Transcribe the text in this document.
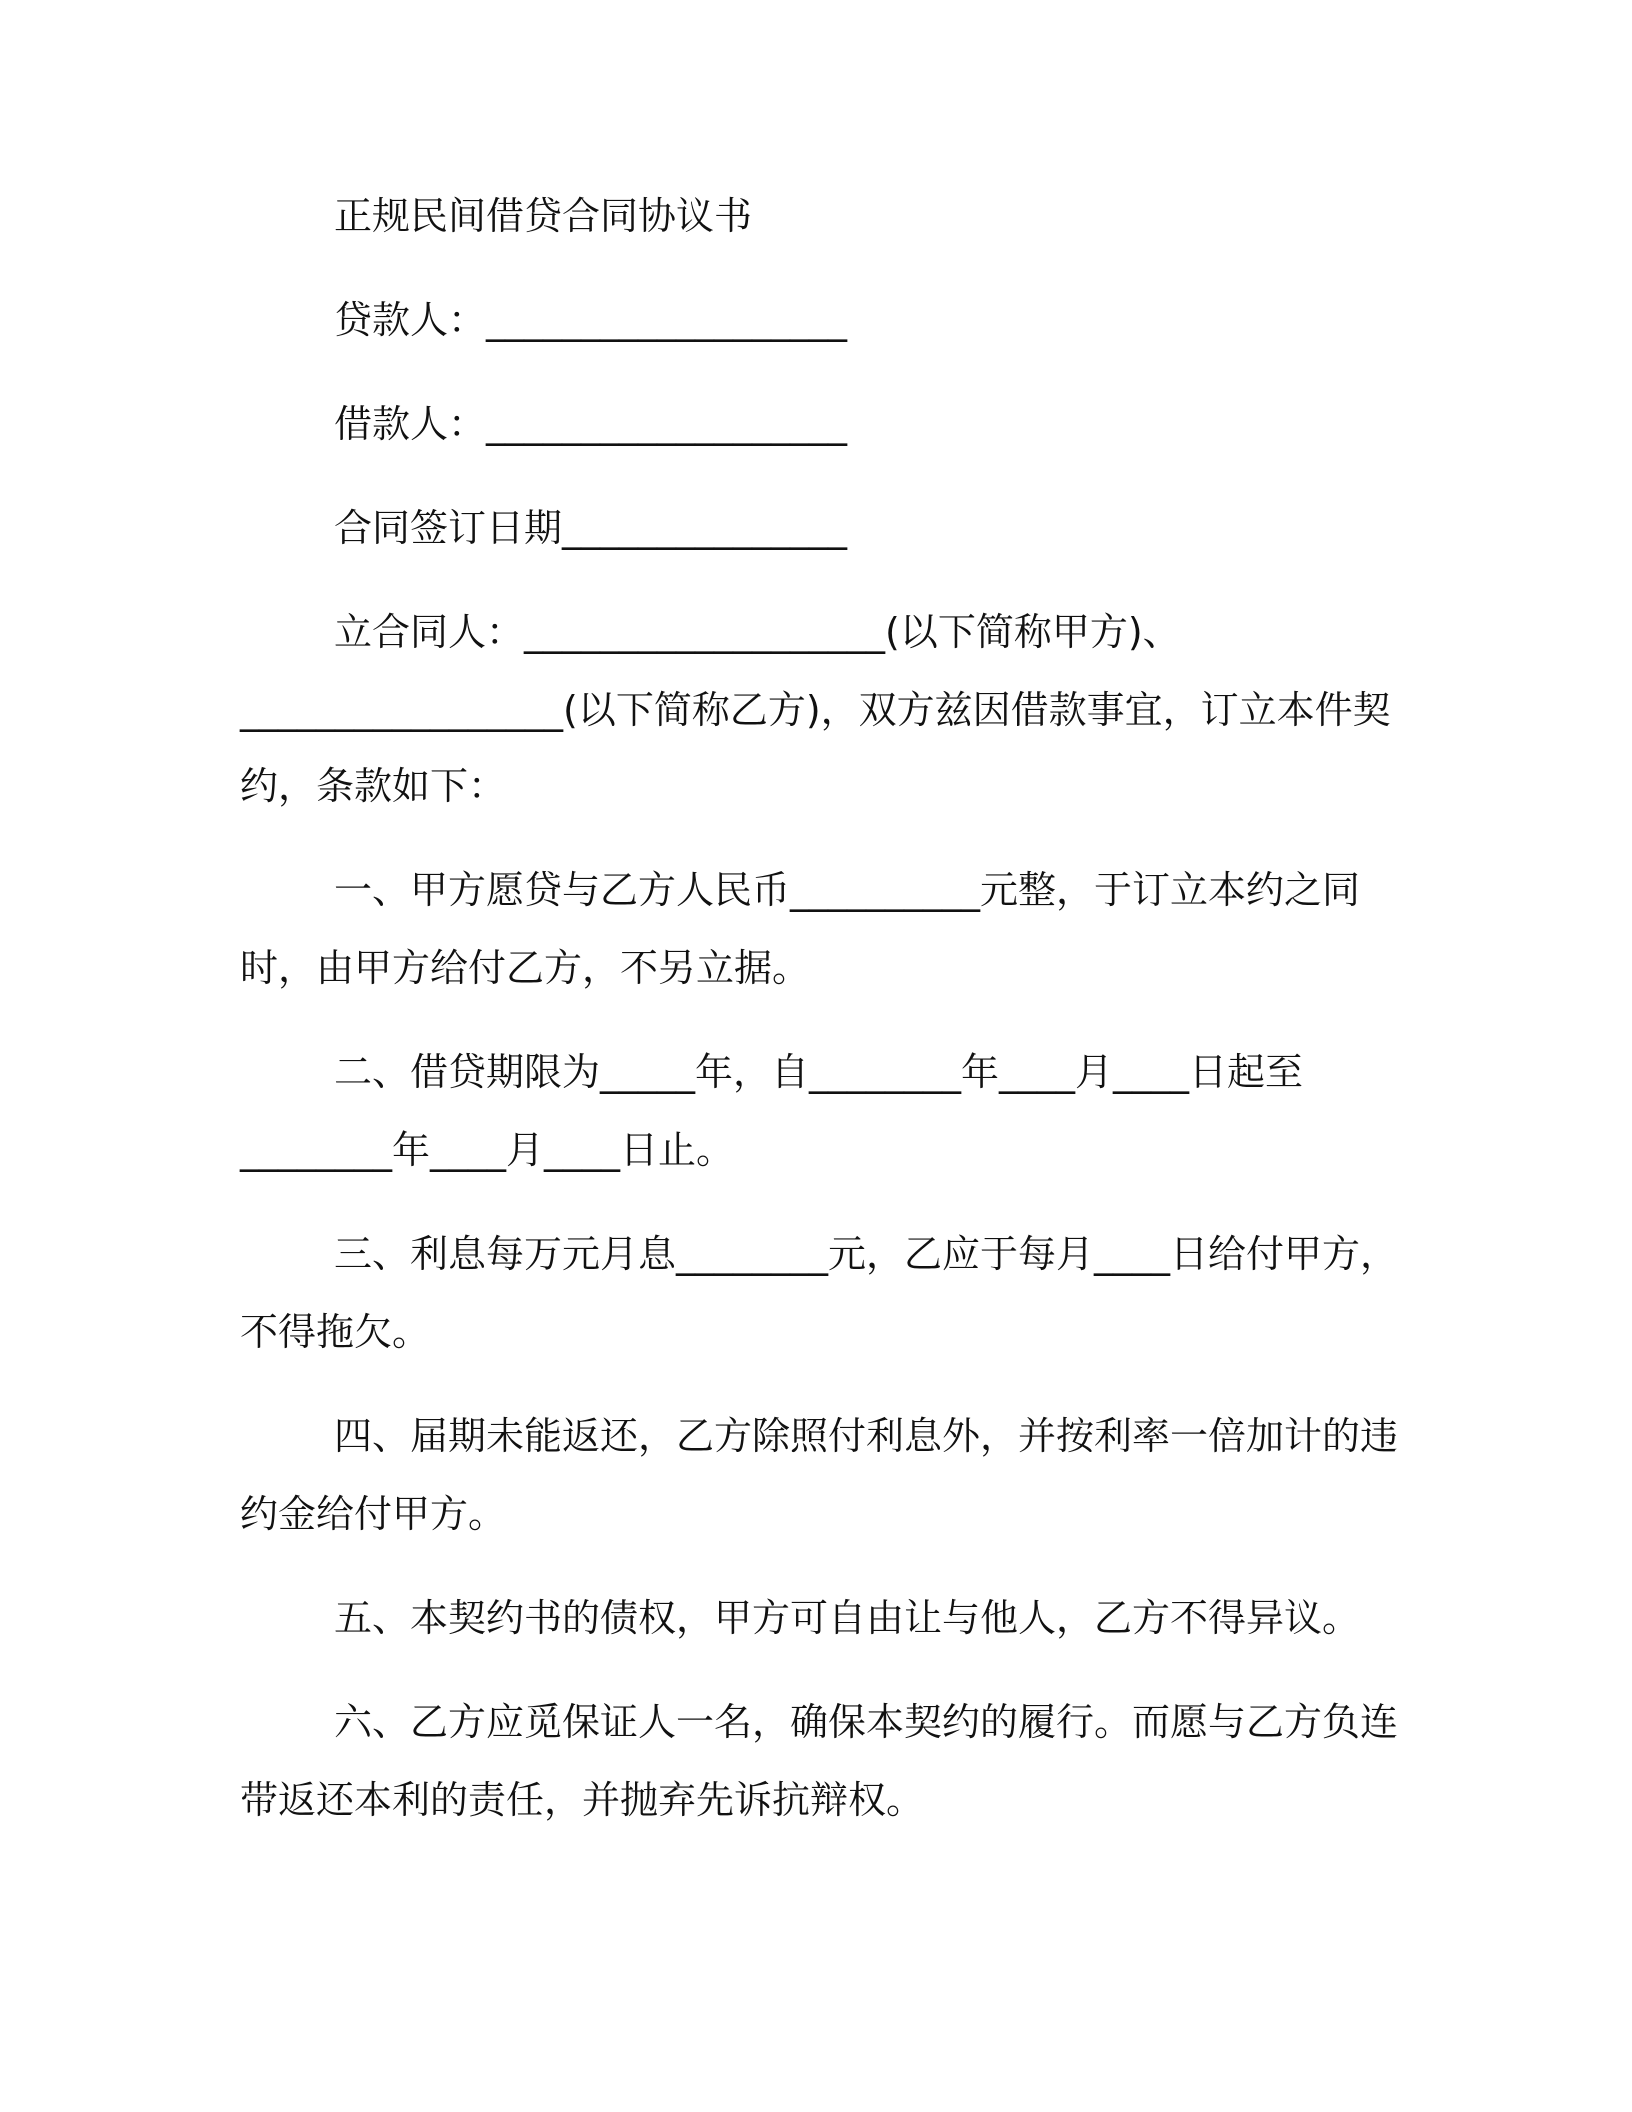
正规民间借贷合同协议书
贷款人：___________________
借款人：___________________
合同签订日期_______________
立合同人：___________________(以下简称甲方)、
_________________(以下简称乙方)，双方兹因借款事宜，订立本件契
约，条款如下：
一、甲方愿贷与乙方人民币__________元整，于订立本约之同
时，由甲方给付乙方，不另立据。
二、借贷期限为_____年，自________年____月____日起至
________年____月____日止。
三、利息每万元月息________元，乙应于每月____日给付甲方，
不得拖欠。
四、届期未能返还，乙方除照付利息外，并按利率一倍加计的违
约金给付甲方。
五、本契约书的债权，甲方可自由让与他人，乙方不得异议。
六、乙方应觅保证人一名，确保本契约的履行。而愿与乙方负连
带返还本利的责任，并抛弃先诉抗辩权。
